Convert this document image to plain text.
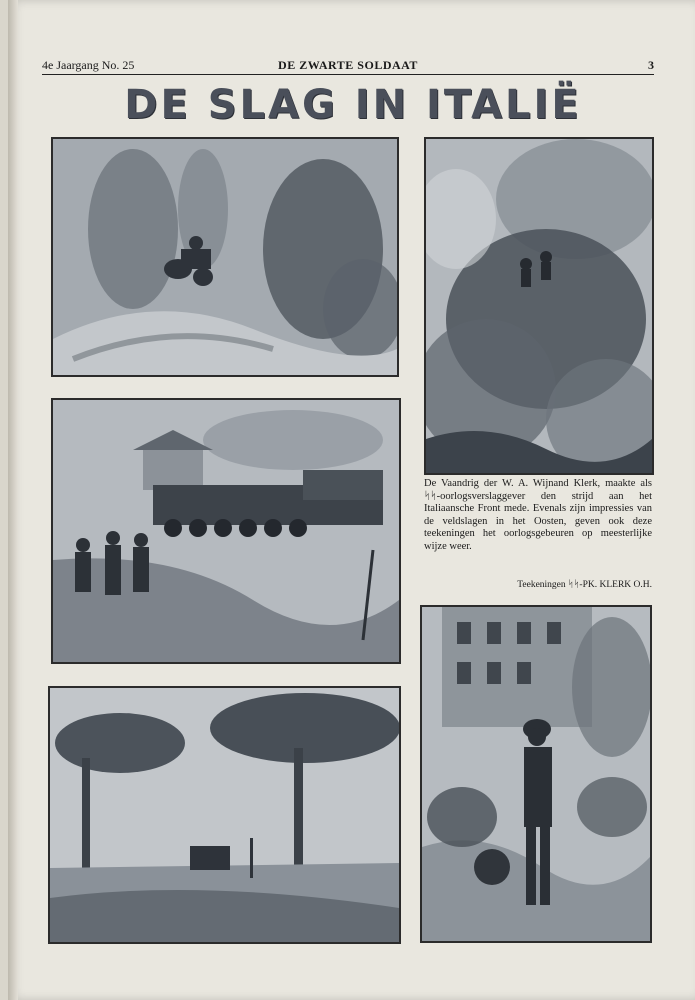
4e Jaargang No. 25	DE ZWARTE SOLDAAT	3
DE SLAG IN ITALIË

De Vaandrig der W. A. Wijnand Klerk, maakte als ᛋᛋ-oorlogsverslaggever den strijd aan het Italiaansche Front mede. Evenals zijn impressies van de veldslagen in het Oosten, geven ook deze teekeningen het oorlogsgebeuren op meesterlijke wijze weer.

Teekeningen ᛋᛋ-PK. KLERK O.H.
